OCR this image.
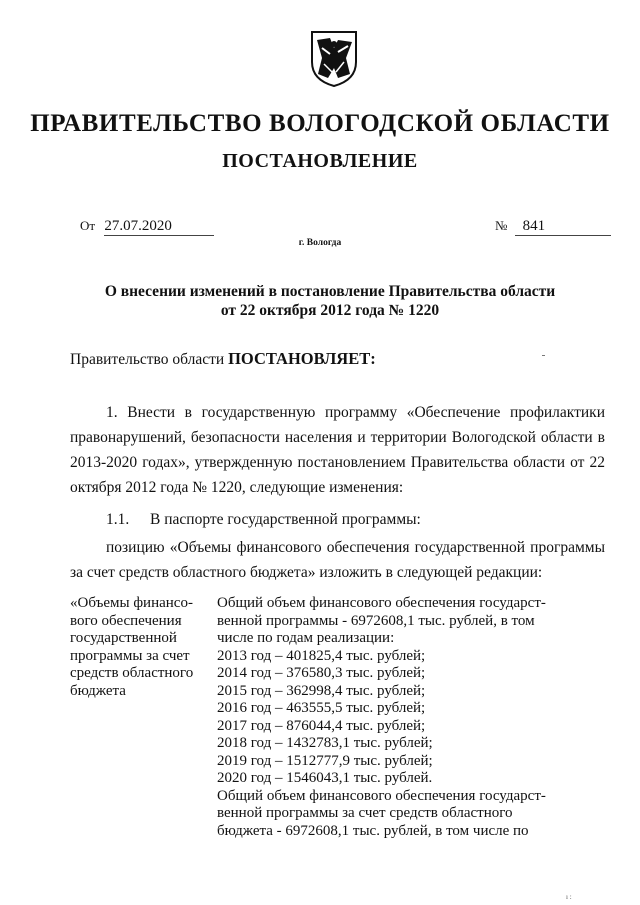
ПРАВИТЕЛЬСТВО ВОЛОГОДСКОЙ ОБЛАСТИ
ПОСТАНОВЛЕНИЕ
От 27.07.2020	№ 841
г. Вологда
О внесении изменений в постановление Правительства области
от 22 октября 2012 года № 1220
Правительство области ПОСТАНОВЛЯЕТ:
1. Внести в государственную программу «Обеспечение профилактики правонарушений, безопасности населения и территории Вологодской области в 2013-2020 годах», утвержденную постановлением Правительства области от 22 октября 2012 года № 1220, следующие изменения:
1.1. В паспорте государственной программы:
позицию «Объемы финансового обеспечения государственной программы за счет средств областного бюджета» изложить в следующей редакции:
«Объемы финансо-
вого обеспечения
государственной
программы за счет
средств областного
бюджета
Общий объем финансового обеспечения государст-
венной программы - 6972608,1 тыс. рублей, в том
числе по годам реализации:
2013 год – 401825,4 тыс. рублей;
2014 год – 376580,3 тыс. рублей;
2015 год – 362998,4 тыс. рублей;
2016 год – 463555,5 тыс. рублей;
2017 год – 876044,4 тыс. рублей;
2018 год – 1432783,1 тыс. рублей;
2019 год – 1512777,9 тыс. рублей;
2020 год – 1546043,1 тыс. рублей.
Общий объем финансового обеспечения государст-
венной программы за счет средств областного
бюджета - 6972608,1 тыс. рублей, в том числе по
ı :
